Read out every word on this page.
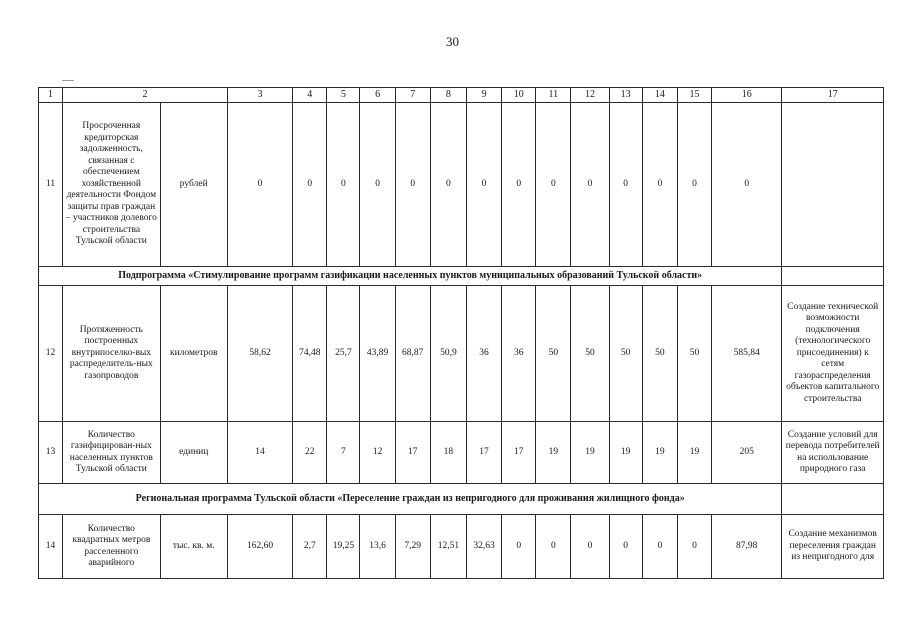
30
1	2		3	4	5	6	7	8	9	10	11	12	13	14	15	16	17
11	Просроченная кредиторская задолженность, связанная с обеспечением хозяйственной деятельности Фондом защиты прав граждан – участников долевого строительства Тульской области	рублей	0	0	0	0	0	0	0	0	0	0	0	0	0	0	
Подпрограмма «Стимулирование программ газификации населенных пунктов муниципальных образований Тульской области»																	
12	Протяженность построенных внутрипоселко-вых распределитель-ных газопроводов	километров	58,62	74,48	25,7	43,89	68,87	50,9	36	36	50	50	50	50	50	585,84	Создание технической возможности подключения (технологического присоединения) к сетям газораспределения объектов капитального строительства
13	Количество газифицирован-ных населенных пунктов Тульской области	единиц	14	22	7	12	17	18	17	17	19	19	19	19	19	205	Создание условий для перевода потребителей на использование природного газа
Региональная программа Тульской области «Переселение граждан из непригодного для проживания жилищного фонда»																	
14	Количество квадратных метров расселенного аварийного	тыс. кв. м.	162,60	2,7	19,25	13,6	7,29	12,51	32,63	0	0	0	0	0	0	87,98	Создание механизмов переселения граждан из непригодного для
